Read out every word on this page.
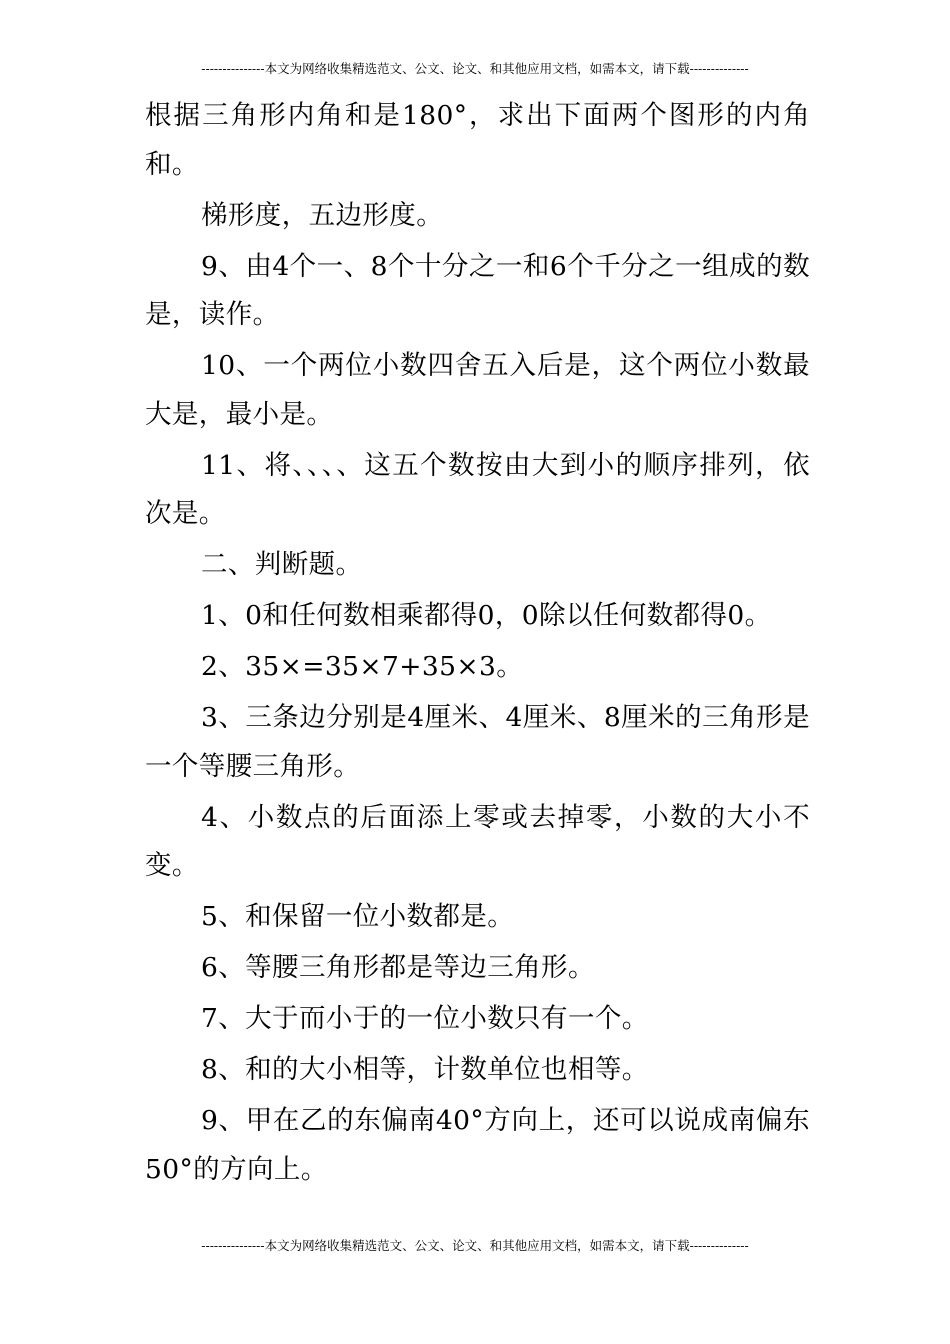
---------------本文为网络收集精选范文、公文、论文、和其他应用文档，如需本文，请下载--------------

根据三角形内角和是180°，求出下面两个图形的内角和。

梯形度，五边形度。

9、由4个一、8个十分之一和6个千分之一组成的数是，读作。

10、一个两位小数四舍五入后是，这个两位小数最大是，最小是。

11、将、、、、这五个数按由大到小的顺序排列，依次是。

二、判断题。

1、0和任何数相乘都得0，0除以任何数都得0。

2、35×=35×7+35×3。

3、三条边分别是4厘米、4厘米、8厘米的三角形是一个等腰三角形。

4、小数点的后面添上零或去掉零，小数的大小不变。

5、和保留一位小数都是。

6、等腰三角形都是等边三角形。

7、大于而小于的一位小数只有一个。

8、和的大小相等，计数单位也相等。

9、甲在乙的东偏南40°方向上，还可以说成南偏东50°的方向上。

---------------本文为网络收集精选范文、公文、论文、和其他应用文档，如需本文，请下载--------------
